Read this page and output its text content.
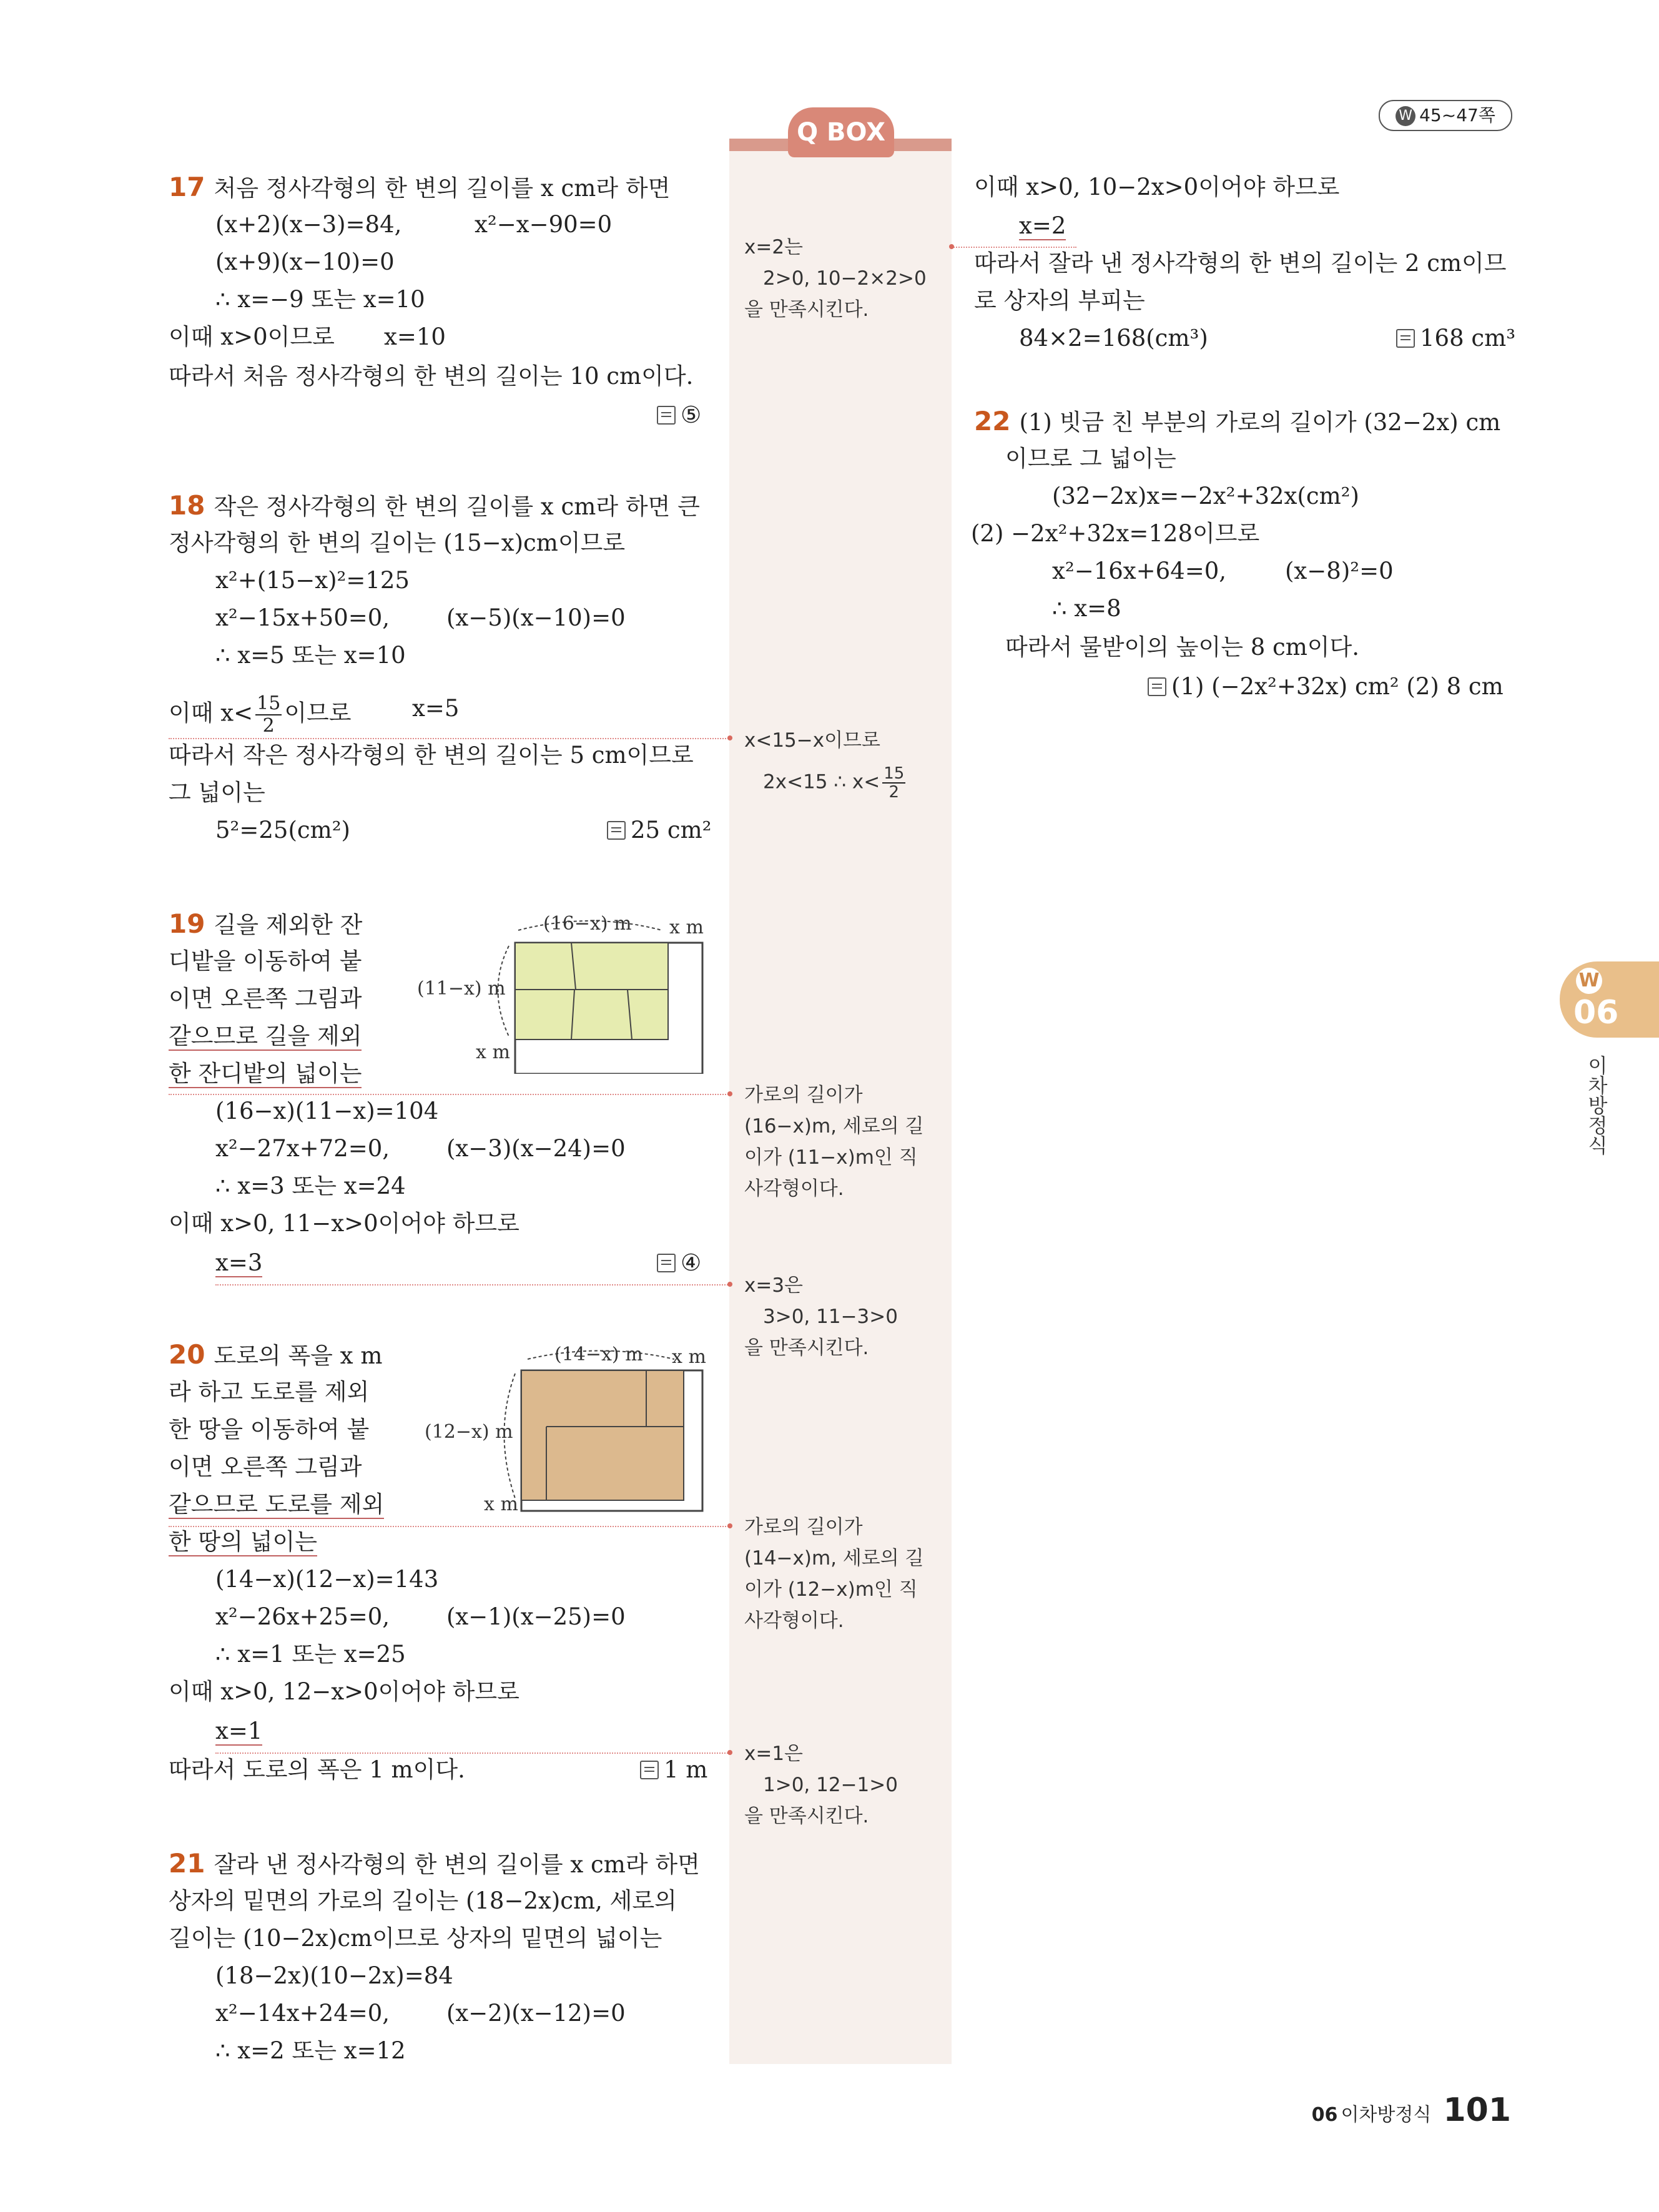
Q BOX
W 45~47쪽
17 처음 정사각형의 한 변의 길이를 x cm라 하면
(x+2)(x−3)=84,	x²−x−90=0
(x+9)(x−10)=0
∴ x=−9 또는 x=10
이때 x>0이므로 x=10
따라서 처음 정사각형의 한 변의 길이는 10 cm이다.
⑤
x=2는
2>0, 10−2×2>0
을 만족시킨다.
18 작은 정사각형의 한 변의 길이를 x cm라 하면 큰
정사각형의 한 변의 길이는 (15−x)cm이므로
x²+(15−x)²=125
x²−15x+50=0, (x−5)(x−10)=0
∴ x=5 또는 x=10
이때 $x< \frac{15}{2}$ 이므로	x=5
따라서 작은 정사각형의 한 변의 길이는 5 cm이므로
그 넓이는
5²=25(cm²)	25 cm²
x<15−x이므로
2x<15 ∴ $x< \frac{15}{2}$
19 길을 제외한 잔
디밭을 이동하여 붙
이면 오른쪽 그림과
같으므로 길을 제외
한 잔디밭의 넓이는
(16−x)(11−x)=104
x²−27x+72=0, (x−3)(x−24)=0
∴ x=3 또는 x=24
이때 x>0, 11−x>0이어야 하므로
x=3	④
(16−x) m x m
(11−x) m
x m
가로의 길이가
(16−x)m, 세로의 길
이가 (11−x)m인 직
사각형이다.
x=3은
3>0, 11−3>0
을 만족시킨다.
20 도로의 폭을 x m
라 하고 도로를 제외
한 땅을 이동하여 붙
이면 오른쪽 그림과
같으므로 도로를 제외
한 땅의 넓이는
(14−x)(12−x)=143
x²−26x+25=0, (x−1)(x−25)=0
∴ x=1 또는 x=25
이때 x>0, 12−x>0이어야 하므로
x=1
따라서 도로의 폭은 1 m이다.	1 m
(14−x) m x m
(12−x) m
x m
가로의 길이가
(14−x)m, 세로의 길
이가 (12−x)m인 직
사각형이다.
x=1은
1>0, 12−1>0
을 만족시킨다.
21 잘라 낸 정사각형의 한 변의 길이를 x cm라 하면
상자의 밑면의 가로의 길이는 (18−2x)cm, 세로의
길이는 (10−2x)cm이므로 상자의 밑면의 넓이는
(18−2x)(10−2x)=84
x²−14x+24=0, (x−2)(x−12)=0
∴ x=2 또는 x=12
이때 x>0, 10−2x>0이어야 하므로
x=2
따라서 잘라 낸 정사각형의 한 변의 길이는 2 cm이므
로 상자의 부피는
84×2=168(cm³)	168 cm³
22 (1) 빗금 친 부분의 가로의 길이가 (32−2x) cm
이므로 그 넓이는
(32−2x)x=−2x²+32x(cm²)
(2) −2x²+32x=128이므로
x²−16x+64=0,	(x−8)²=0
∴ x=8
따라서 물받이의 높이는 8 cm이다.
(1) (−2x²+32x) cm² (2) 8 cm
W
06
이차방정식
06 이차방정식 101
